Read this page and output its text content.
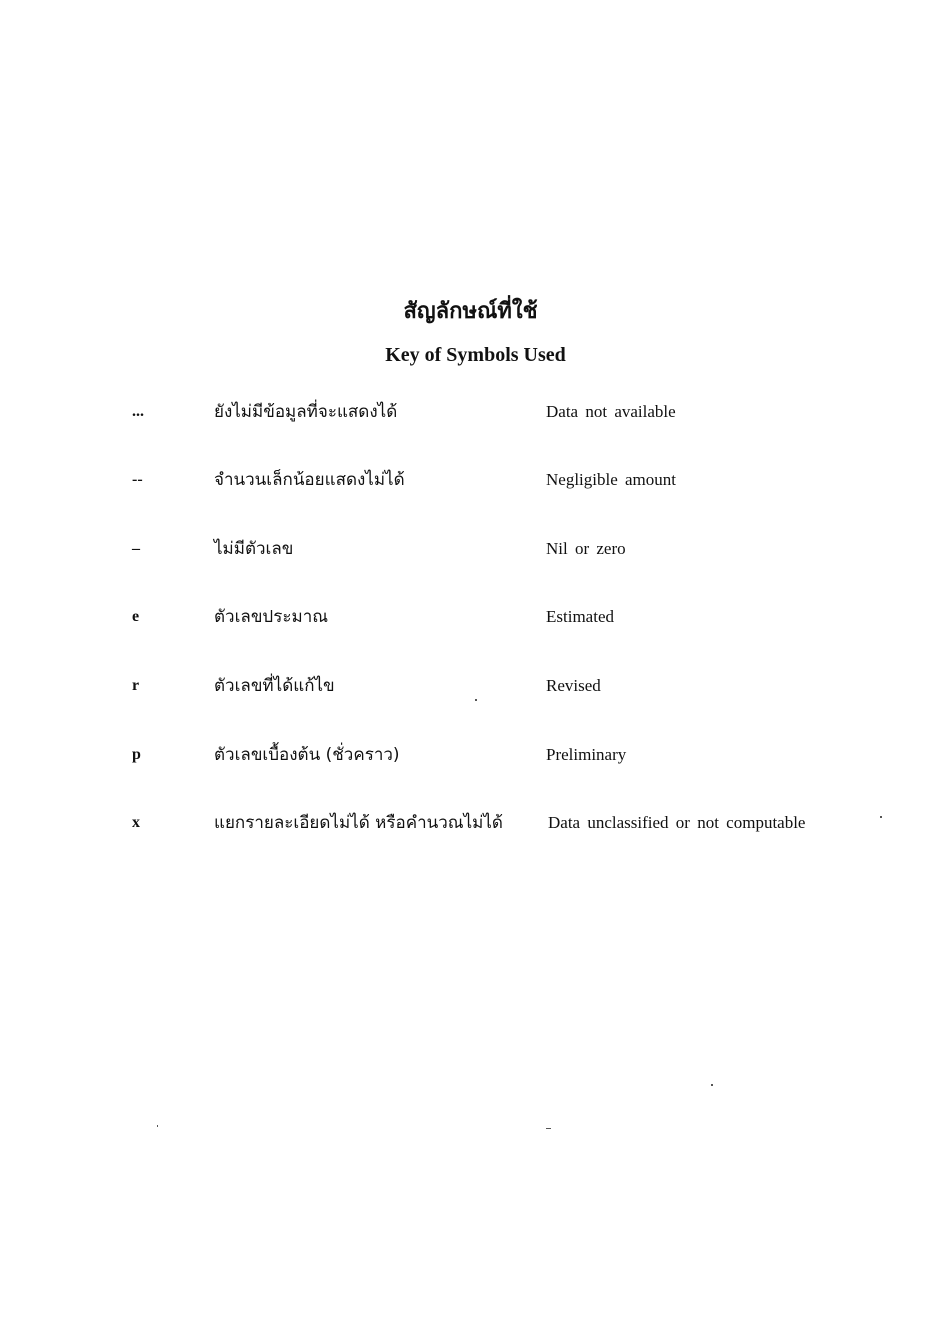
สัญลักษณ์ที่ใช้
Key of Symbols Used
...	ยังไม่มีข้อมูลที่จะแสดงได้	Data not available
--	จำนวนเล็กน้อยแสดงไม่ได้	Negligible amount
–	ไม่มีตัวเลข	Nil or zero
e	ตัวเลขประมาณ	Estimated
r	ตัวเลขที่ได้แก้ไข	Revised
p	ตัวเลขเบื้องต้น (ชั่วคราว)	Preliminary
x	แยกรายละเอียดไม่ได้ หรือคำนวณไม่ได้	Data unclassified or not computable
